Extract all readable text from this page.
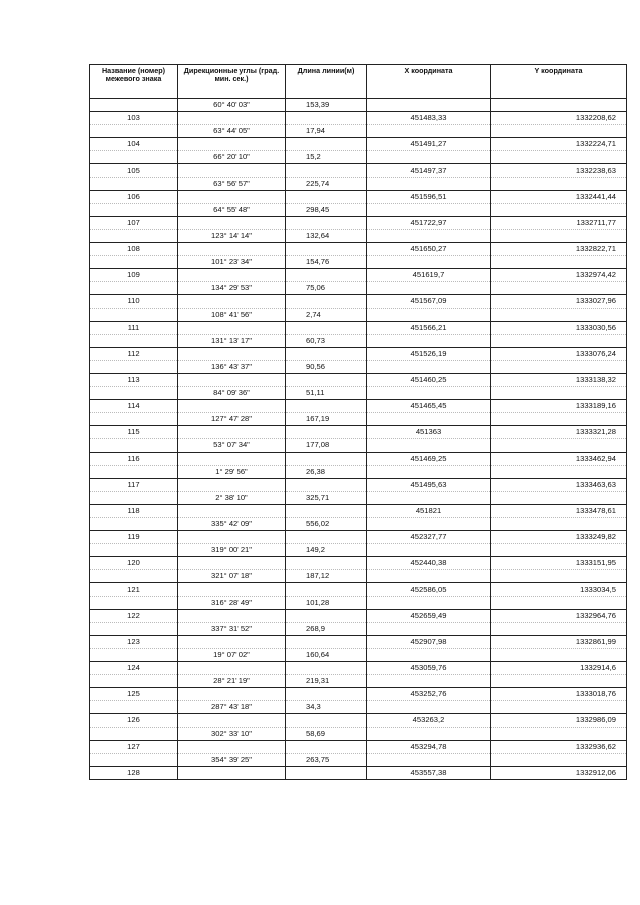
Название (номер) межевого знака	Дирекционные углы (град. мин. сек.)	Длина линии(м)	X координата	Y координата
	60° 40' 03"	153,39		
103			451483,33	1332208,62
	63° 44' 05"	17,94		
104			451491,27	1332224,71
	66° 20' 10"	15,2		
105			451497,37	1332238,63
	63° 56' 57"	225,74		
106			451596,51	1332441,44
	64° 55' 48"	298,45		
107			451722,97	1332711,77
	123° 14' 14"	132,64		
108			451650,27	1332822,71
	101° 23' 34"	154,76		
109			451619,7	1332974,42
	134° 29' 53"	75,06		
110			451567,09	1333027,96
	108° 41' 56"	2,74		
111			451566,21	1333030,56
	131° 13' 17"	60,73		
112			451526,19	1333076,24
	136° 43' 37"	90,56		
113			451460,25	1333138,32
	84° 09' 36"	51,11		
114			451465,45	1333189,16
	127° 47' 28"	167,19		
115			451363	1333321,28
	53° 07' 34"	177,08		
116			451469,25	1333462,94
	1° 29' 56"	26,38		
117			451495,63	1333463,63
	2° 38' 10"	325,71		
118			451821	1333478,61
	335° 42' 09"	556,02		
119			452327,77	1333249,82
	319° 00' 21"	149,2		
120			452440,38	1333151,95
	321° 07' 18"	187,12		
121			452586,05	1333034,5
	316° 28' 49"	101,28		
122			452659,49	1332964,76
	337° 31' 52"	268,9		
123			452907,98	1332861,99
	19° 07' 02"	160,64		
124			453059,76	1332914,6
	28° 21' 19"	219,31		
125			453252,76	1333018,76
	287° 43' 18"	34,3		
126			453263,2	1332986,09
	302° 33' 10"	58,69		
127			453294,78	1332936,62
	354° 39' 25"	263,75		
128			453557,38	1332912,06
